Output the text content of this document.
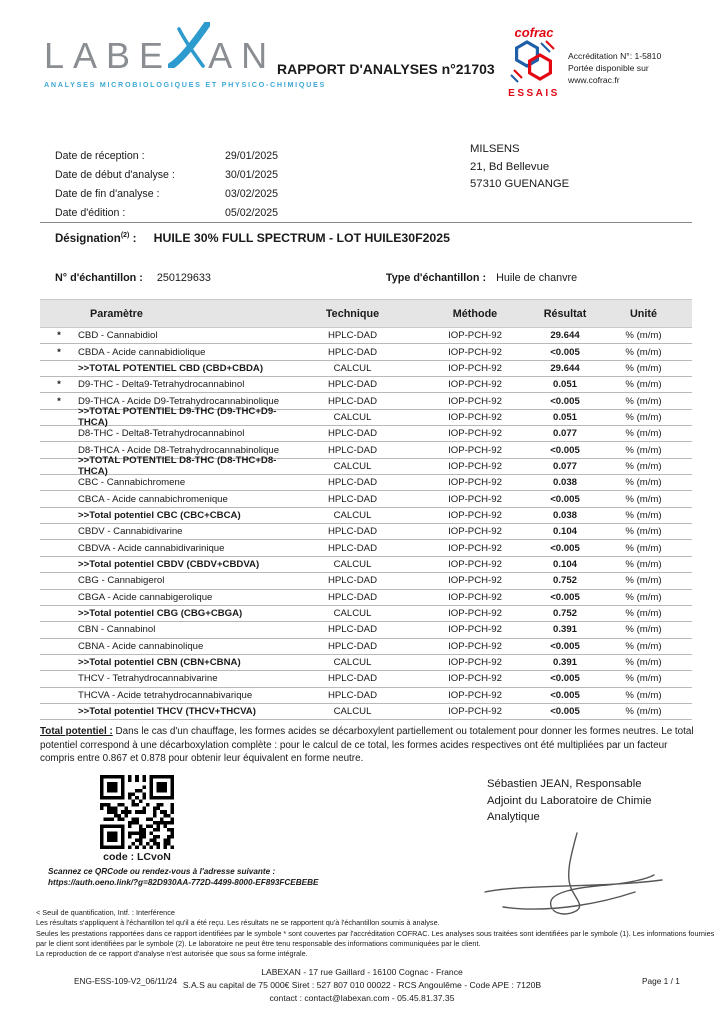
LABE AN
ANALYSES MICROBIOLOGIQUES ET PHYSICO-CHIMIQUES
RAPPORT D'ANALYSES n°21703
cofrac
ESSAIS
Accréditation N°: 1-5810
Portée disponible sur
www.cofrac.fr
Date de réception :	29/01/2025
Date de début d'analyse :	30/01/2025
Date de fin d'analyse :	03/02/2025
Date d'édition :	05/02/2025
MILSENS
21, Bd Bellevue
57310 GUENANGE
Désignation$^{(2)}$ : HUILE 30% FULL SPECTRUM - LOT HUILE30F2025
N° d'échantillon : 250129633	Type d'échantillon : Huile de chanvre
Paramètre	Technique	Méthode	Résultat	Unité
*	CBD - Cannabidiol	HPLC-DAD	IOP-PCH-92	29.644	% (m/m)
*	CBDA - Acide cannabidiolique	HPLC-DAD	IOP-PCH-92	<0.005	% (m/m)
>>TOTAL POTENTIEL CBD (CBD+CBDA)	CALCUL	IOP-PCH-92	29.644	% (m/m)
*	D9-THC - Delta9-Tetrahydrocannabinol	HPLC-DAD	IOP-PCH-92	0.051	% (m/m)
*	D9-THCA - Acide D9-Tetrahydrocannabinolique	HPLC-DAD	IOP-PCH-92	<0.005	% (m/m)
>>TOTAL POTENTIEL D9-THC (D9-THC+D9-THCA)	CALCUL	IOP-PCH-92	0.051	% (m/m)
D8-THC - Delta8-Tetrahydrocannabinol	HPLC-DAD	IOP-PCH-92	0.077	% (m/m)
D8-THCA - Acide D8-Tetrahydrocannabinolique	HPLC-DAD	IOP-PCH-92	<0.005	% (m/m)
>>TOTAL POTENTIEL D8-THC (D8-THC+D8-THCA)	CALCUL	IOP-PCH-92	0.077	% (m/m)
CBC - Cannabichromene	HPLC-DAD	IOP-PCH-92	0.038	% (m/m)
CBCA - Acide cannabichromenique	HPLC-DAD	IOP-PCH-92	<0.005	% (m/m)
>>Total potentiel CBC (CBC+CBCA)	CALCUL	IOP-PCH-92	0.038	% (m/m)
CBDV - Cannabidivarine	HPLC-DAD	IOP-PCH-92	0.104	% (m/m)
CBDVA - Acide cannabidivarinique	HPLC-DAD	IOP-PCH-92	<0.005	% (m/m)
>>Total potentiel CBDV (CBDV+CBDVA)	CALCUL	IOP-PCH-92	0.104	% (m/m)
CBG - Cannabigerol	HPLC-DAD	IOP-PCH-92	0.752	% (m/m)
CBGA - Acide cannabigerolique	HPLC-DAD	IOP-PCH-92	<0.005	% (m/m)
>>Total potentiel CBG (CBG+CBGA)	CALCUL	IOP-PCH-92	0.752	% (m/m)
CBN - Cannabinol	HPLC-DAD	IOP-PCH-92	0.391	% (m/m)
CBNA - Acide cannabinolique	HPLC-DAD	IOP-PCH-92	<0.005	% (m/m)
>>Total potentiel CBN (CBN+CBNA)	CALCUL	IOP-PCH-92	0.391	% (m/m)
THCV - Tetrahydrocannabivarine	HPLC-DAD	IOP-PCH-92	<0.005	% (m/m)
THCVA - Acide tetrahydrocannabivarique	HPLC-DAD	IOP-PCH-92	<0.005	% (m/m)
>>Total potentiel THCV (THCV+THCVA)	CALCUL	IOP-PCH-92	<0.005	% (m/m)
Total potentiel : Dans le cas d'un chauffage, les formes acides se décarboxylent partiellement ou totalement pour donner les formes neutres. Le total potentiel correspond à une décarboxylation complète : pour le calcul de ce total, les formes acides respectives ont été multipliées par un facteur compris entre 0.867 et 0.878 pour obtenir leur équivalent en forme neutre.
code : LCvoN
Scannez ce QRCode ou rendez-vous à l'adresse suivante :
https://auth.oeno.link/?g=82D930AA-772D-4499-8000-EF893FCEBEBE
Sébastien JEAN, Responsable
Adjoint du Laboratoire de Chimie
Analytique
< Seuil de quantification, Intf. : Interférence
Les résultats s'appliquent à l'échantillon tel qu'il a été reçu. Les résultats ne se rapportent qu'à l'échantillon soumis à analyse.
Seules les prestations rapportées dans ce rapport identifiées par le symbole * sont couvertes par l'accréditation COFRAC. Les analyses sous traitées sont identifiées par le symbole (1). Les informations fournies par le client sont identifiées par le symbole (2). Le laboratoire ne peut être tenu responsable des informations communiquées par le client.
La reproduction de ce rapport d'analyse n'est autorisée que sous sa forme intégrale.
ENG-ESS-109-V2_06/11/24
LABEXAN - 17 rue Gaillard - 16100 Cognac - France
S.A.S au capital de 75 000€ Siret : 527 807 010 00022 - RCS Angoulême - Code APE : 7120B
contact : contact@labexan.com - 05.45.81.37.35
Page 1 / 1
